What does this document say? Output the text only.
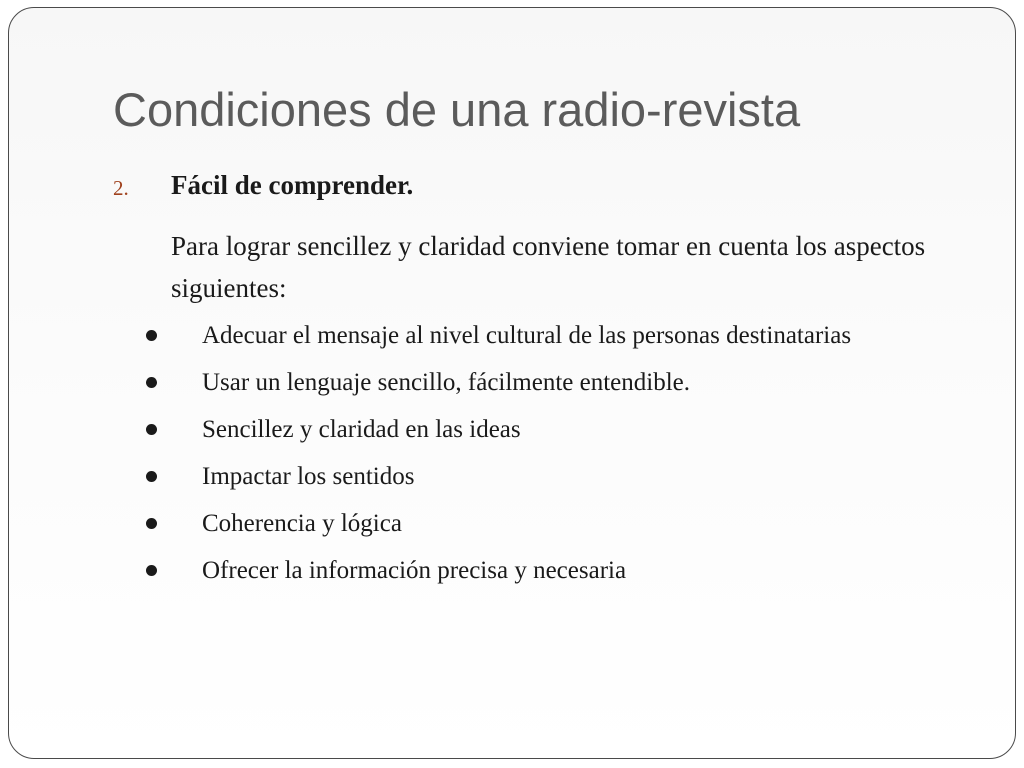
Condiciones de una radio-revista
2. Fácil de comprender.

Para lograr sencillez y claridad conviene tomar en cuenta los aspectos siguientes:

Adecuar el mensaje al nivel cultural de las personas destinatarias
Usar un lenguaje sencillo, fácilmente entendible.
Sencillez y claridad en las ideas
Impactar los sentidos
Coherencia y lógica
Ofrecer la información precisa y necesaria
